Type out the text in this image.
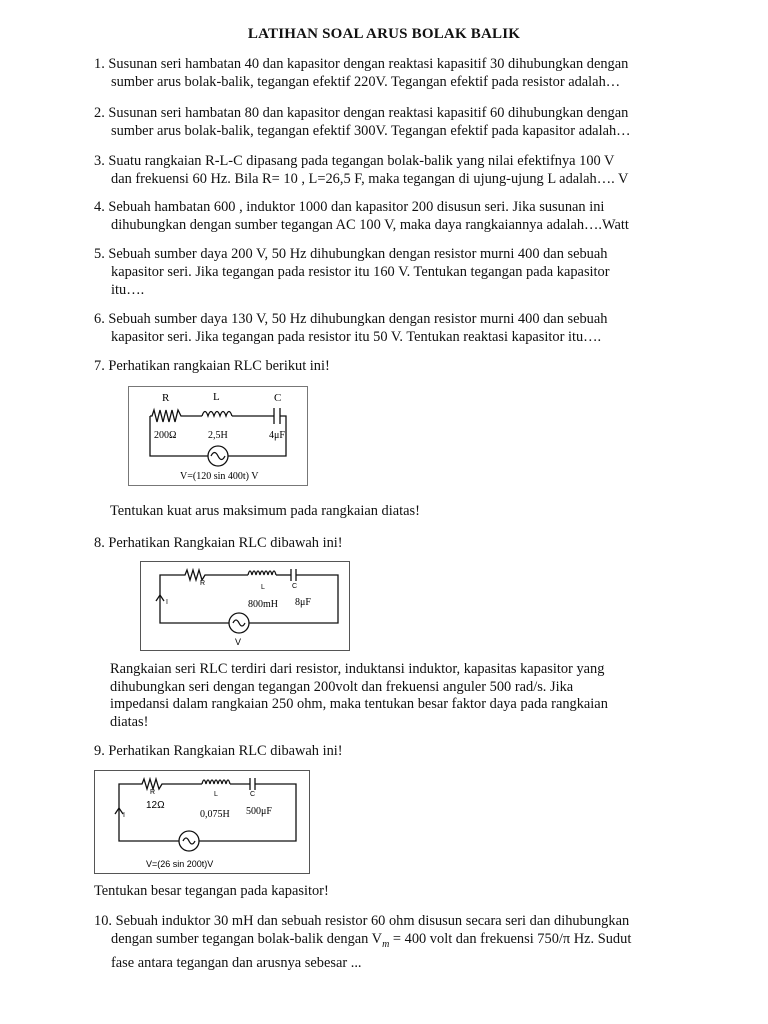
LATIHAN SOAL ARUS BOLAK BALIK
1. Susunan seri hambatan 40 dan kapasitor dengan reaktasi kapasitif 30 dihubungkan dengan
sumber arus bolak-balik, tegangan efektif 220V. Tegangan efektif pada resistor adalah…
2. Susunan seri hambatan 80 dan kapasitor dengan reaktasi kapasitif 60 dihubungkan dengan
sumber arus bolak-balik, tegangan efektif 300V. Tegangan efektif pada kapasitor adalah…
3. Suatu rangkaian R-L-C dipasang pada tegangan bolak-balik yang nilai efektifnya 100 V
dan frekuensi 60 Hz. Bila R= 10 , L=26,5 F, maka tegangan di ujung-ujung L adalah…. V
4. Sebuah hambatan 600 , induktor 1000 dan kapasitor 200 disusun seri. Jika susunan ini
dihubungkan dengan sumber tegangan AC 100 V, maka daya rangkaiannya adalah….Watt
5. Sebuah sumber daya 200 V, 50 Hz dihubungkan dengan resistor murni 400 dan sebuah
kapasitor seri. Jika tegangan pada resistor itu 160 V. Tentukan tegangan pada kapasitor
itu….
6. Sebuah sumber daya 130 V, 50 Hz dihubungkan dengan resistor murni 400 dan sebuah
kapasitor seri. Jika tegangan pada resistor itu 50 V. Tentukan reaktasi kapasitor itu….
7. Perhatikan rangkaian RLC berikut ini!
R	L	C
200Ω	2,5H	4μF
V=(120 sin 400t) V
Tentukan kuat arus maksimum pada rangkaian diatas!
8. Perhatikan Rangkaian RLC dibawah ini!
R
L	C
800mH 8μF
I
V
Rangkaian seri RLC terdiri dari resistor, induktansi induktor, kapasitas kapasitor yang
dihubungkan seri dengan tegangan 200volt dan frekuensi anguler 500 rad/s. Jika
impedansi dalam rangkaian 250 ohm, maka tentukan besar faktor daya pada rangkaian
diatas!
9. Perhatikan Rangkaian RLC dibawah ini!
R	L	C
12Ω
0,075H 500μF
I
V=(26 sin 200t)V
Tentukan besar tegangan pada kapasitor!
10. Sebuah induktor 30 mH dan sebuah resistor 60 ohm disusun secara seri dan dihubungkan
dengan sumber tegangan bolak-balik dengan $V_m = 400$ volt dan frekuensi 750/π Hz. Sudut
fase antara tegangan dan arusnya sebesar ...
